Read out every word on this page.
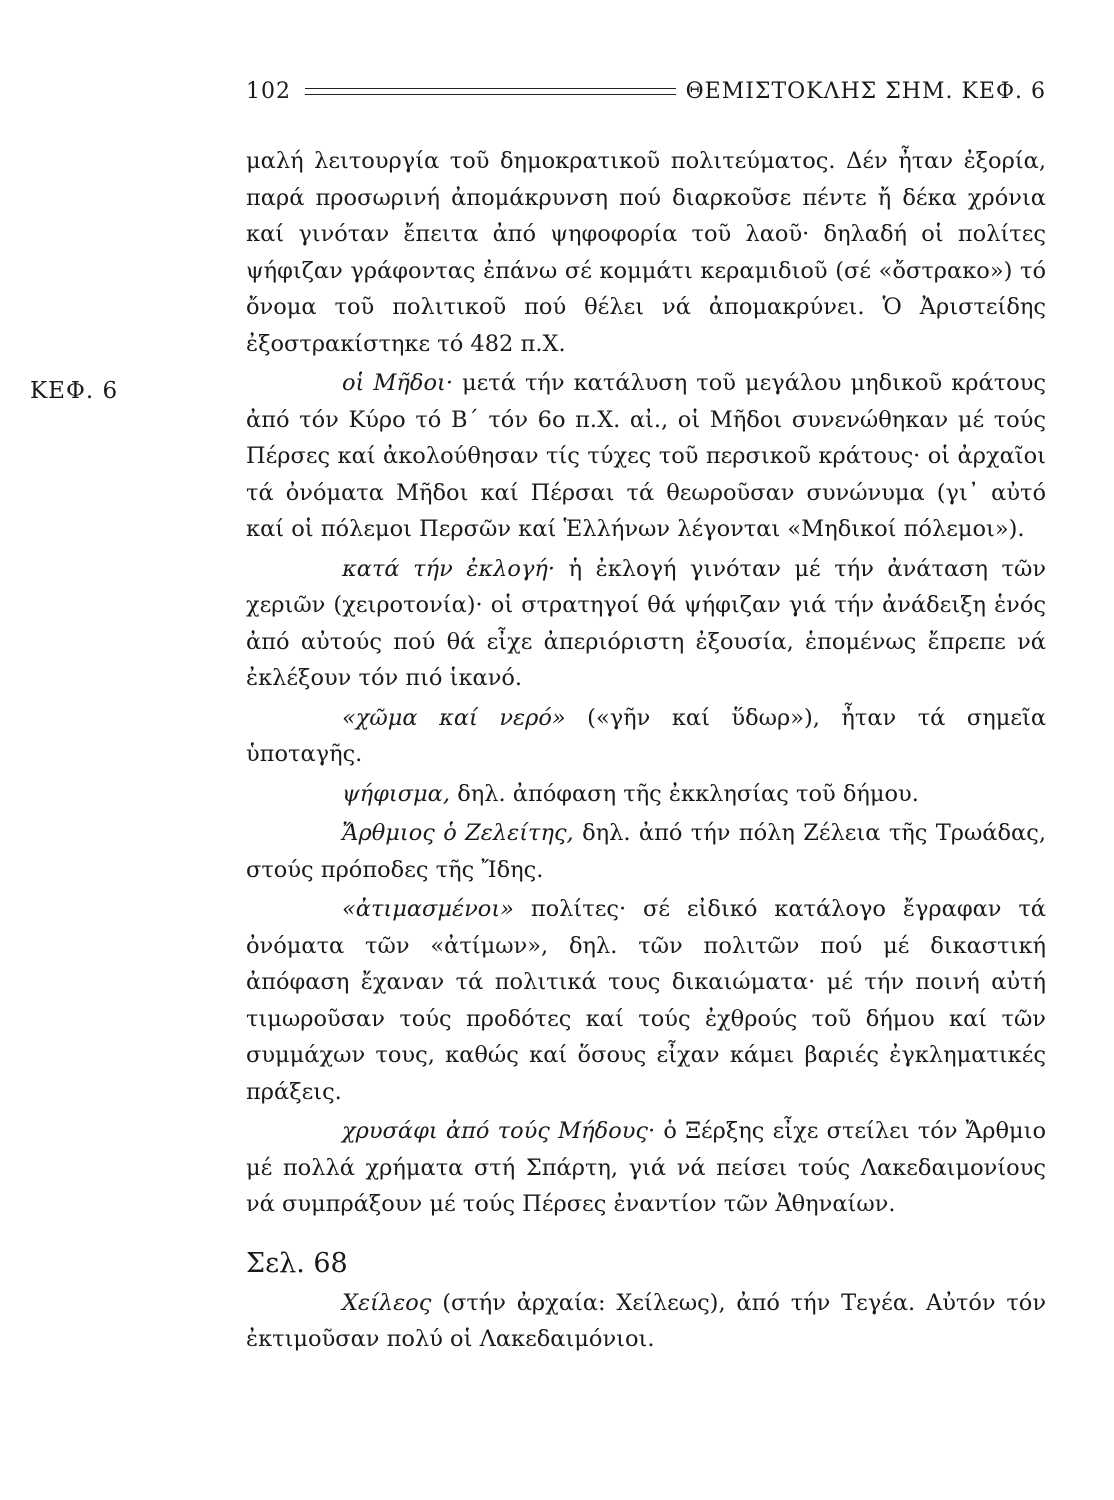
102	ΘΕΜΙΣΤΟΚΛΗΣ ΣΗΜ. ΚΕΦ. 6
ΚΕΦ. 6

μαλή λειτουργία τοῦ δημοκρατικοῦ πολιτεύματος. Δέν ἦταν ἐξορία, παρά προσωρινή ἀπομάκρυνση πού διαρκοῦσε πέντε ἤ δέκα χρόνια καί γινόταν ἔπειτα ἀπό ψηφοφορία τοῦ λαοῦ· δηλαδή οἱ πολίτες ψήφιζαν γράφοντας ἐπάνω σέ κομμάτι κεραμιδιοῦ (σέ «ὄστρακο») τό ὄνομα τοῦ πολιτικοῦ πού θέλει νά ἀπομακρύνει. Ὁ Ἀριστείδης ἐξοστρακίστηκε τό 482 π.Χ.

οἱ Μῆδοι· μετά τήν κατάλυση τοῦ μεγάλου μηδικοῦ κράτους ἀπό τόν Κύρο τό Β΄ τόν 6ο π.Χ. αἰ., οἱ Μῆδοι συνενώθηκαν μέ τούς Πέρσες καί ἀκολούθησαν τίς τύχες τοῦ περσικοῦ κράτους· οἱ ἀρχαῖοι τά ὀνόματα Μῆδοι καί Πέρσαι τά θεωροῦσαν συνώνυμα (γι᾿ αὐτό καί οἱ πόλεμοι Περσῶν καί Ἑλλήνων λέγονται «Μηδικοί πόλεμοι»).

κατά τήν ἐκλογή· ἡ ἐκλογή γινόταν μέ τήν ἀνάταση τῶν χεριῶν (χειροτονία)· οἱ στρατηγοί θά ψήφιζαν γιά τήν ἀνάδειξη ἑνός ἀπό αὐτούς πού θά εἶχε ἀπεριόριστη ἐξουσία, ἑπομένως ἔπρεπε νά ἐκλέξουν τόν πιό ἱκανό.

«χῶμα καί νερό» («γῆν καί ὕδωρ»), ἦταν τά σημεῖα ὑποταγῆς.

ψήφισμα, δηλ. ἀπόφαση τῆς ἐκκλησίας τοῦ δήμου.

Ἄρθμιος ὁ Ζελείτης, δηλ. ἀπό τήν πόλη Ζέλεια τῆς Τρωάδας, στούς πρόποδες τῆς Ἴδης.

«ἀτιμασμένοι» πολίτες· σέ εἰδικό κατάλογο ἔγραφαν τά ὀνόματα τῶν «ἀτίμων», δηλ. τῶν πολιτῶν πού μέ δικαστική ἀπόφαση ἔχαναν τά πολιτικά τους δικαιώματα· μέ τήν ποινή αὐτή τιμωροῦσαν τούς προδότες καί τούς ἐχθρούς τοῦ δήμου καί τῶν συμμάχων τους, καθώς καί ὅσους εἶχαν κάμει βαριές ἐγκληματικές πράξεις.

χρυσάφι ἀπό τούς Μήδους· ὁ Ξέρξης εἶχε στείλει τόν Ἄρθμιο μέ πολλά χρήματα στή Σπάρτη, γιά νά πείσει τούς Λακεδαιμονίους νά συμπράξουν μέ τούς Πέρσες ἐναντίον τῶν Ἀθηναίων.

Σελ. 68

Χείλεος (στήν ἀρχαία: Χείλεως), ἀπό τήν Τεγέα. Αὐτόν τόν ἐκτιμοῦσαν πολύ οἱ Λακεδαιμόνιοι.
